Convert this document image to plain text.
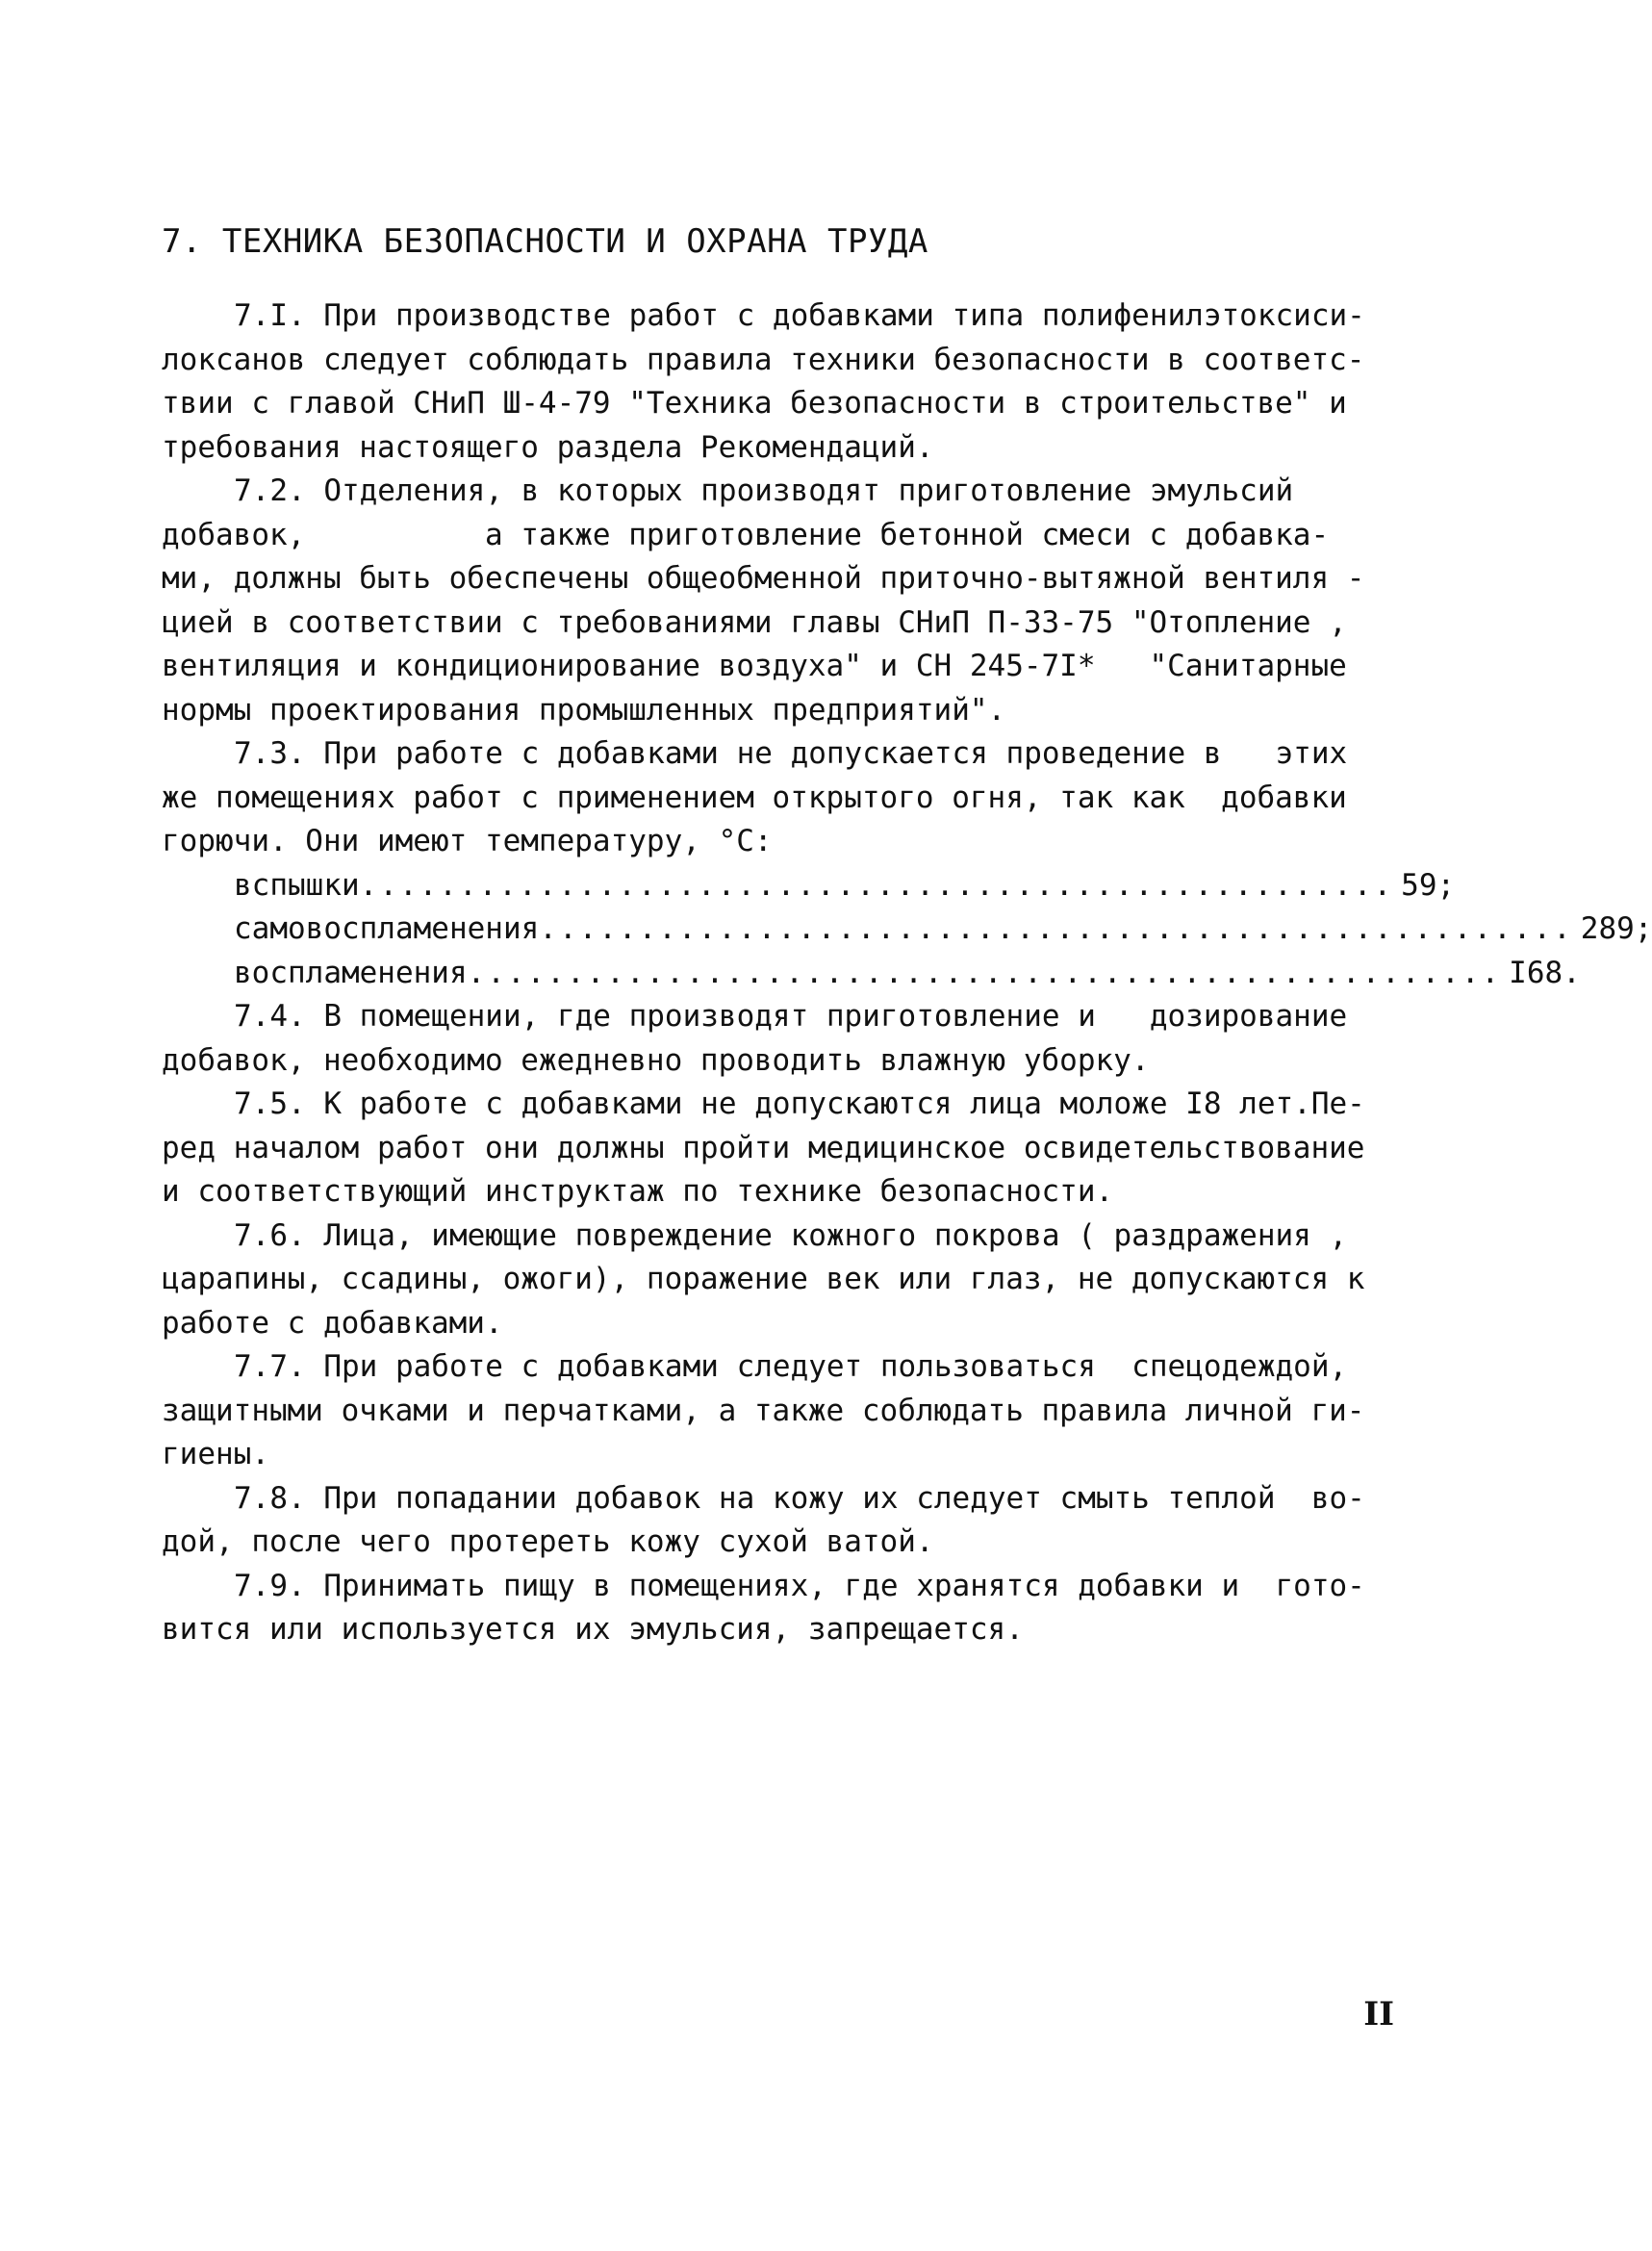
7. ТЕХНИКА БЕЗОПАСНОСТИ И ОХРАНА ТРУДА
7.I. При производстве работ с добавками типа полифенилэтоксиси-
локсанов следует соблюдать правила техники безопасности в соответс-
твии с главой СНиП Ш-4-79 "Техника безопасности в строительстве" и
требования настоящего раздела Рекомендаций.
7.2. Отделения, в которых производят приготовление эмульсий
добавок,          а также приготовление бетонной смеси с добавка-
ми, должны быть обеспечены общеобменной приточно-вытяжной вентиля -
цией в соответствии с требованиями главы СНиП П-33-75 "Отопление ,
вентиляция и кондиционирование воздуха" и СН 245-7I*   "Санитарные
нормы проектирования промышленных предприятий".
7.3. При работе с добавками не допускается проведение в   этих
же помещениях работ с применением открытого огня, так как  добавки
горючи. Они имеют температуру, °С:
вспышки .................................................... 59;
самовоспламенения .................................................... 289;
воспламенения .................................................... I68.
7.4. В помещении, где производят приготовление и   дозирование
добавок, необходимо ежедневно проводить влажную уборку.
7.5. К работе с добавками не допускаются лица моложе I8 лет.Пе-
ред началом работ они должны пройти медицинское освидетельствование
и соответствующий инструктаж по технике безопасности.
7.6. Лица, имеющие повреждение кожного покрова ( раздражения ,
царапины, ссадины, ожоги), поражение век или глаз, не допускаются к
работе с добавками.
7.7. При работе с добавками следует пользоваться  спецодеждой,
защитными очками и перчатками, а также соблюдать правила личной ги-
гиены.
7.8. При попадании добавок на кожу их следует смыть теплой  во-
дой, после чего протереть кожу сухой ватой.
7.9. Принимать пищу в помещениях, где хранятся добавки и  гото-
вится или используется их эмульсия, запрещается.
II
